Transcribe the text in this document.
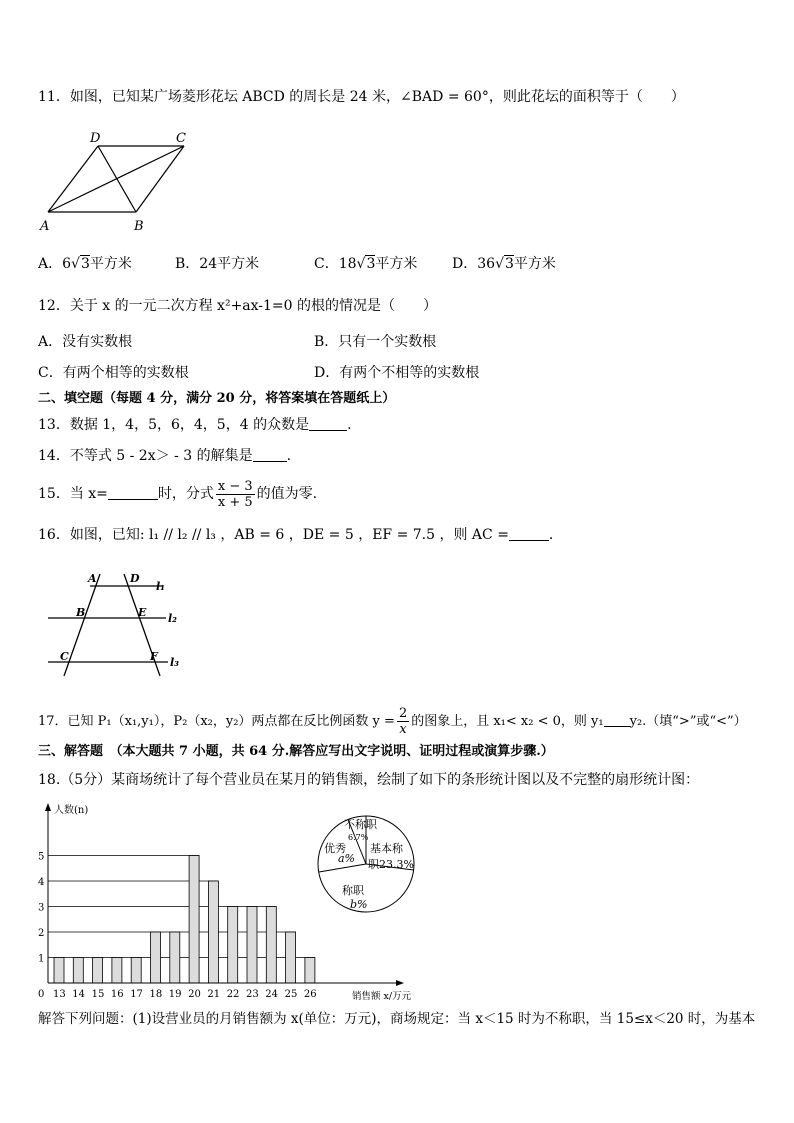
11．如图，已知某广场菱形花坛 ABCD 的周长是 24 米，∠BAD = 60°，则此花坛的面积等于（　　）
D	C
A	B
A．6√3平方米	B．24平方米	C．18√3平方米 D．36√3平方米
12．关于 x 的一元二次方程 x²+ax-1=0 的根的情况是（　　）
A．没有实数根	B．只有一个实数根
C．有两个相等的实数根	D．有两个不相等的实数根
二、填空题（每题 4 分，满分 20 分，将答案填在答题纸上）
13．数据 1，4，5，6，4，5，4 的众数是	.
14．不等式 5 - 2x＞ - 3 的解集是 .
15．当 x=	时，分式 $\frac{x - 3}{x + 5}$ 的值为零.
16．如图，已知: l₁ // l₂ // l₃ ，AB = 6 ，DE = 5 ，EF = 7.5 ，则 AC =	.
A	D
l₁
B	E l₂
C	F l₃
17．已知 P₁（x₁,y₁），P₂（x₂，y₂）两点都在反比例函数 $y = \frac{2}{x}$ 的图象上，且 x₁< x₂ < 0，则 y₁ y₂.（填“>”或“<”）
三、解答题　（本大题共 7 小题，共 64 分.解答应写出文字说明、证明过程或演算步骤.）
18.（5分）某商场统计了每个营业员在某月的销售额，绘制了如下的条形统计图以及不完整的扇形统计图：
1
2
3
4
5
13 14 15 16 17 18 19 20 21 22 23 24 25 26
0
人数(n)
销售额 x/万元
不称职
6.7%
优秀
a%
基本称
职23.3%
称职
b%
解答下列问题：(1)设营业员的月销售额为 x(单位：万元)，商场规定：当 x＜15 时为不称职，当 15≤x＜20 时，为基本
